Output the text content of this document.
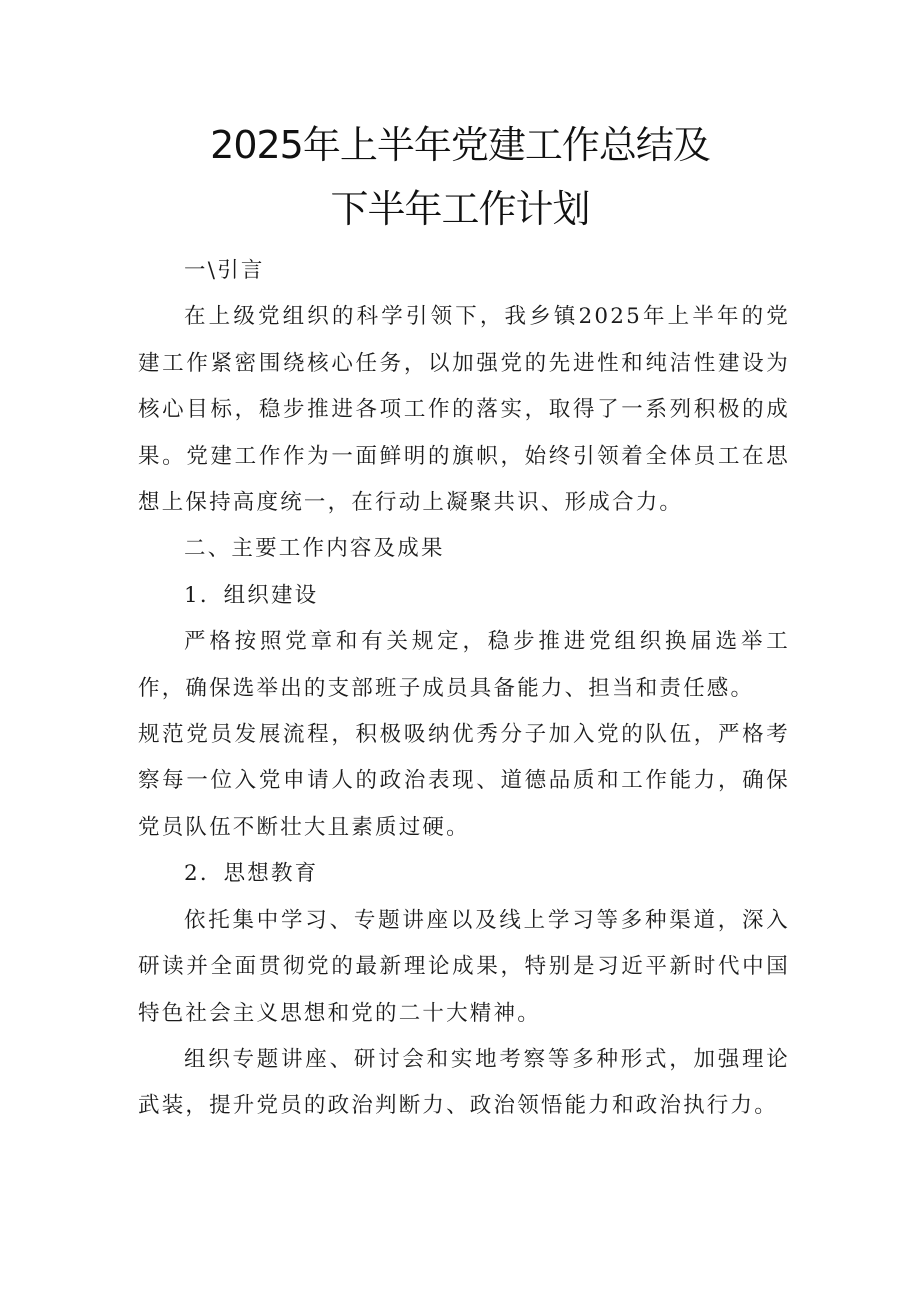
2025年上半年党建工作总结及
下半年工作计划

一\引言

在上级党组织的科学引领下，我乡镇2025年上半年的党建工作紧密围绕核心任务，以加强党的先进性和纯洁性建设为核心目标，稳步推进各项工作的落实，取得了一系列积极的成果。党建工作作为一面鲜明的旗帜，始终引领着全体员工在思想上保持高度统一，在行动上凝聚共识、形成合力。

二、主要工作内容及成果

1．组织建设

严格按照党章和有关规定，稳步推进党组织换届选举工作，确保选举出的支部班子成员具备能力、担当和责任感。

规范党员发展流程，积极吸纳优秀分子加入党的队伍，严格考察每一位入党申请人的政治表现、道德品质和工作能力，确保党员队伍不断壮大且素质过硬。

2．思想教育

依托集中学习、专题讲座以及线上学习等多种渠道，深入研读并全面贯彻党的最新理论成果，特别是习近平新时代中国特色社会主义思想和党的二十大精神。

组织专题讲座、研讨会和实地考察等多种形式，加强理论武装，提升党员的政治判断力、政治领悟能力和政治执行力。
